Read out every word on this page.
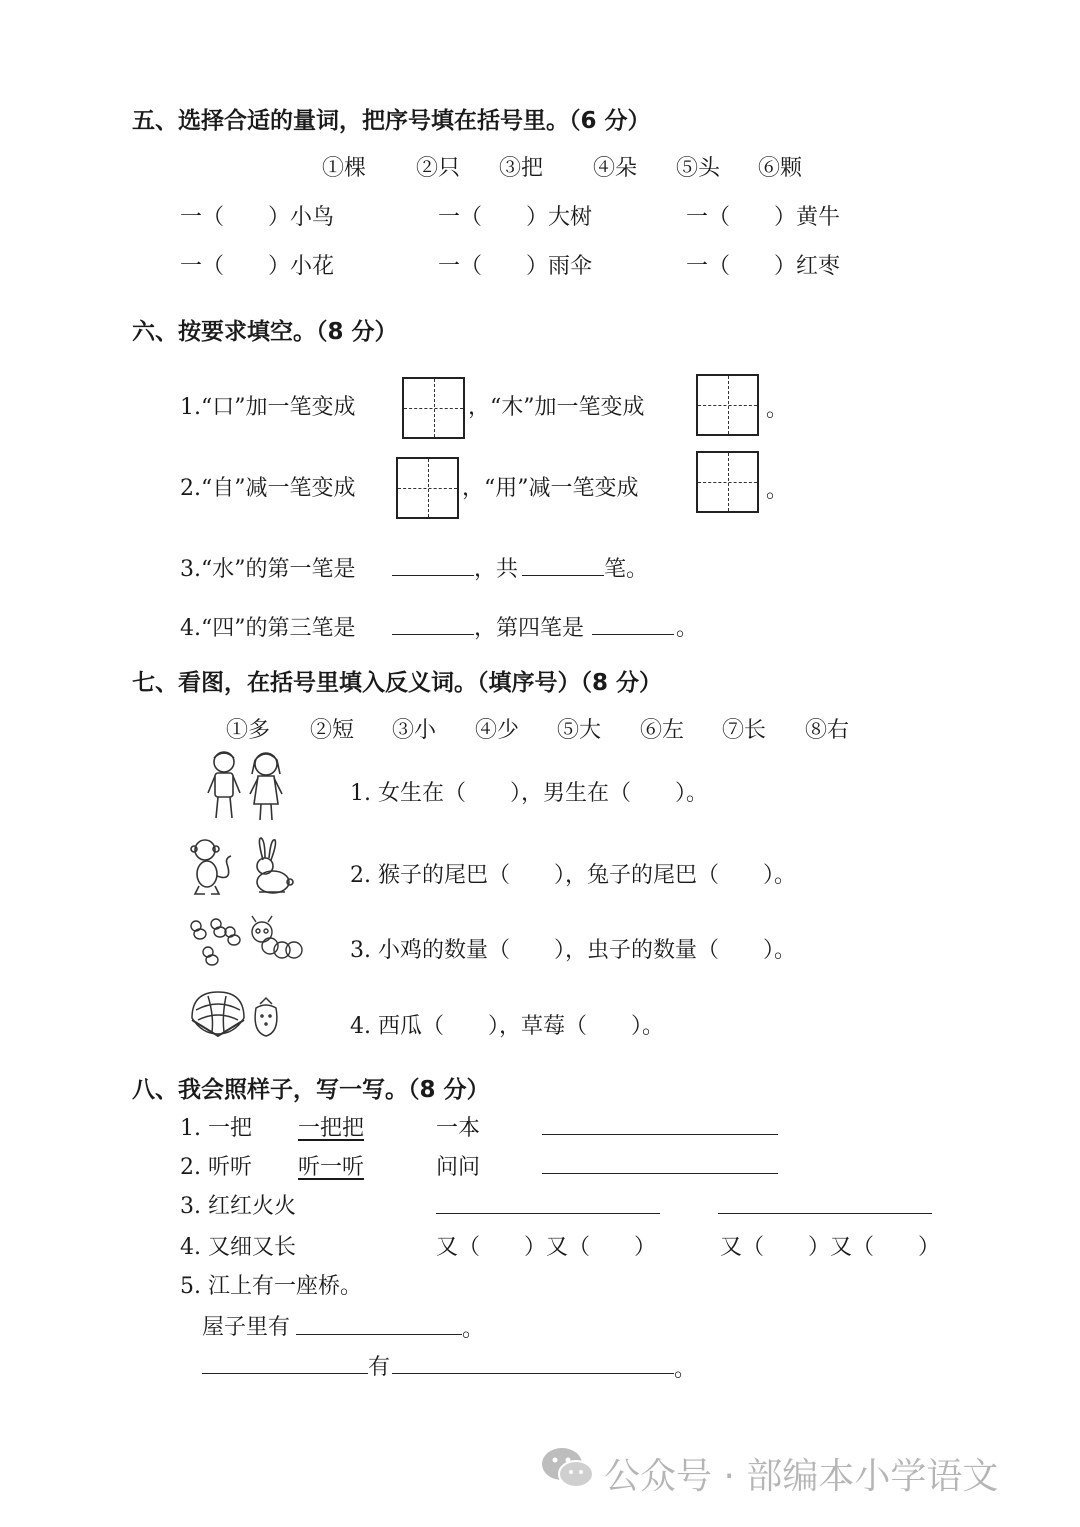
五、选择合适的量词，把序号填在括号里。（6 分）
①棵 ②只 ③把 ④朵 ⑤头 ⑥颗
一（　　）小鸟	一（　　）大树	一（　　）黄牛
一（　　）小花	一（　　）雨伞	一（　　）红枣
六、按要求填空。（8 分）
1.“口”加一笔变成	，“木”加一笔变成	。
2.“自”减一笔变成	，“用”减一笔变成	。
3.“水”的第一笔是	，共	笔。
4.“四”的第三笔是	，第四笔是	。
七、看图，在括号里填入反义词。（填序号）（8 分）
①多 ②短 ③小 ④少 ⑤大 ⑥左 ⑦长 ⑧右
1. 女生在（　　），男生在（　　）。
2. 猴子的尾巴（　　），兔子的尾巴（　　）。
3. 小鸡的数量（　　），虫子的数量（　　）。
4. 西瓜（　　），草莓（　　）。
八、我会照样子，写一写。（8 分）
1. 一把 一把把	一本
2. 听听 听一听	问问
3. 红红火火
4. 又细又长	又（　　）又（　　）	又（　　）又（　　）
5. 江上有一座桥。
屋子里有	。
有	。
公众号 · 部编本小学语文
